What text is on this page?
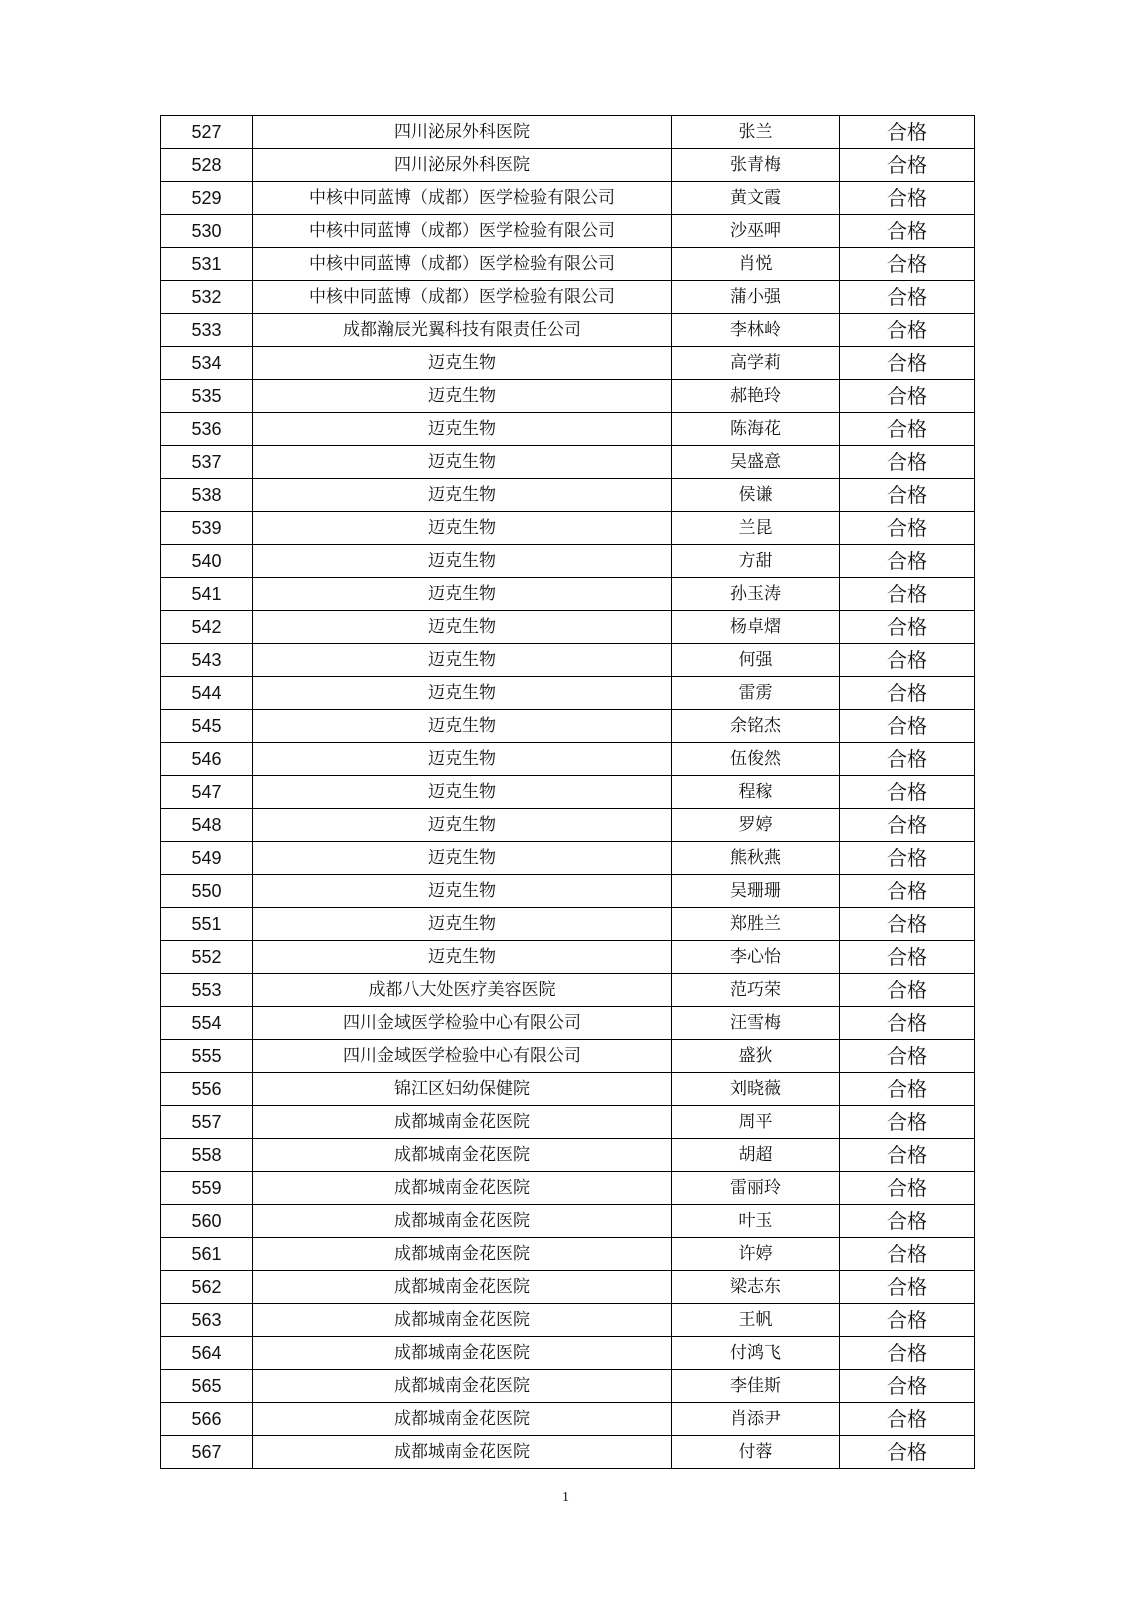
527	四川泌尿外科医院	张兰	合格
528	四川泌尿外科医院	张青梅	合格
529	中核中同蓝博（成都）医学检验有限公司	黄文霞	合格
530	中核中同蓝博（成都）医学检验有限公司	沙巫呷	合格
531	中核中同蓝博（成都）医学检验有限公司	肖悦	合格
532	中核中同蓝博（成都）医学检验有限公司	蒲小强	合格
533	成都瀚辰光翼科技有限责任公司	李林岭	合格
534	迈克生物	高学莉	合格
535	迈克生物	郝艳玲	合格
536	迈克生物	陈海花	合格
537	迈克生物	吴盛意	合格
538	迈克生物	侯谦	合格
539	迈克生物	兰昆	合格
540	迈克生物	方甜	合格
541	迈克生物	孙玉涛	合格
542	迈克生物	杨卓熠	合格
543	迈克生物	何强	合格
544	迈克生物	雷雳	合格
545	迈克生物	余铭杰	合格
546	迈克生物	伍俊然	合格
547	迈克生物	程稼	合格
548	迈克生物	罗婷	合格
549	迈克生物	熊秋燕	合格
550	迈克生物	吴珊珊	合格
551	迈克生物	郑胜兰	合格
552	迈克生物	李心怡	合格
553	成都八大处医疗美容医院	范巧荣	合格
554	四川金域医学检验中心有限公司	汪雪梅	合格
555	四川金域医学检验中心有限公司	盛狄	合格
556	锦江区妇幼保健院	刘晓薇	合格
557	成都城南金花医院	周平	合格
558	成都城南金花医院	胡超	合格
559	成都城南金花医院	雷丽玲	合格
560	成都城南金花医院	叶玉	合格
561	成都城南金花医院	许婷	合格
562	成都城南金花医院	梁志东	合格
563	成都城南金花医院	王帆	合格
564	成都城南金花医院	付鸿飞	合格
565	成都城南金花医院	李佳斯	合格
566	成都城南金花医院	肖添尹	合格
567	成都城南金花医院	付蓉	合格
1
